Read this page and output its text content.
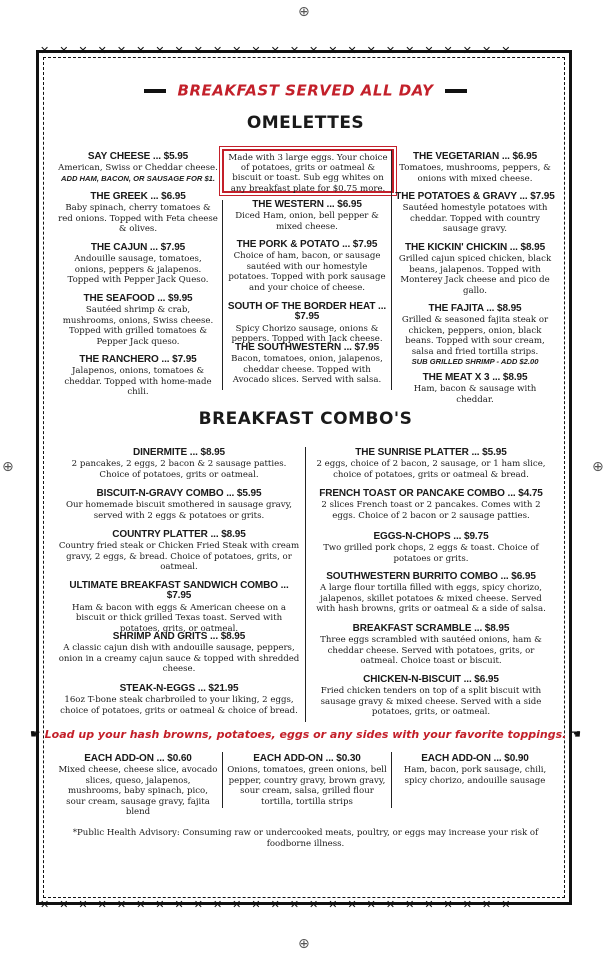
⊕
⊕
⊕	⊕
✕✕✕✕✕✕✕✕✕✕✕✕✕✕✕✕✕✕✕✕✕✕✕✕✕
✕✕✕✕✕✕✕✕✕✕✕✕✕✕✕✕✕✕✕✕✕✕✕✕✕
BREAKFAST SERVED ALL DAY
OMELETTES
Made with 3 large eggs. Your choice of potatoes, grits or oatmeal & biscuit or toast. Sub egg whites on any breakfast plate for $0.75 more.
SAY CHEESE ... $5.95
American, Swiss or Cheddar cheese.
ADD HAM, BACON, OR SAUSAGE FOR $1.
THE GREEK ... $6.95
Baby spinach, cherry tomatoes & red onions. Topped with Feta cheese & olives.
THE CAJUN ... $7.95
Andouille sausage, tomatoes, onions, peppers & jalapenos. Topped with Pepper Jack Queso.
THE SEAFOOD ... $9.95
Sautéed shrimp & crab, mushrooms, onions, Swiss cheese. Topped with grilled tomatoes & Pepper Jack queso.
THE RANCHERO ... $7.95
Jalapenos, onions, tomatoes & cheddar. Topped with home-made chili.
THE WESTERN ... $6.95
Diced Ham, onion, bell pepper & mixed cheese.
THE PORK & POTATO ... $7.95
Choice of ham, bacon, or sausage sautéed with our homestyle potatoes. Topped with pork sausage and your choice of cheese.
SOUTH OF THE BORDER HEAT ... $7.95
Spicy Chorizo sausage, onions & peppers. Topped with Jack cheese.
THE SOUTHWESTERN ... $7.95
Bacon, tomatoes, onion, jalapenos, cheddar cheese. Topped with Avocado slices. Served with salsa.
THE VEGETARIAN ... $6.95
Tomatoes, mushrooms, peppers, & onions with mixed cheese.
THE POTATOES & GRAVY ... $7.95
Sautéed homestyle potatoes with cheddar. Topped with country sausage gravy.
THE KICKIN' CHICKIN ... $8.95
Grilled cajun spiced chicken, black beans, jalapenos. Topped with Monterey Jack cheese and pico de gallo.
THE FAJITA ... $8.95
Grilled & seasoned fajita steak or chicken, peppers, onion, black beans. Topped with sour cream, salsa and fried tortilla strips.
SUB GRILLED SHRIMP - ADD $2.00
THE MEAT X 3 ... $8.95
Ham, bacon & sausage with cheddar.
BREAKFAST COMBO'S
DINERMITE ... $8.95
2 pancakes, 2 eggs, 2 bacon & 2 sausage patties. Choice of potatoes, grits or oatmeal.
BISCUIT-N-GRAVY COMBO ... $5.95
Our homemade biscuit smothered in sausage gravy, served with 2 eggs & potatoes or grits.
COUNTRY PLATTER ... $8.95
Country fried steak or Chicken Fried Steak with cream gravy, 2 eggs, & bread. Choice of potatoes, grits, or oatmeal.
ULTIMATE BREAKFAST SANDWICH COMBO ... $7.95
Ham & bacon with eggs & American cheese on a biscuit or thick grilled Texas toast. Served with potatoes, grits, or oatmeal.
SHRIMP AND GRITS ... $8.95
A classic cajun dish with andouille sausage, peppers, onion in a creamy cajun sauce & topped with shredded cheese.
STEAK-N-EGGS ... $21.95
16oz T-bone steak charbroiled to your liking, 2 eggs, choice of potatoes, grits or oatmeal & choice of bread.
THE SUNRISE PLATTER ... $5.95
2 eggs, choice of 2 bacon, 2 sausage, or 1 ham slice, choice of potatoes, grits or oatmeal & bread.
FRENCH TOAST OR PANCAKE COMBO ... $4.75
2 slices French toast or 2 pancakes. Comes with 2 eggs. Choice of 2 bacon or 2 sausage patties.
EGGS-N-CHOPS ... $9.75
Two grilled pork chops, 2 eggs & toast. Choice of potatoes or grits.
SOUTHWESTERN BURRITO COMBO ... $6.95
A large flour tortilla filled with eggs, spicy chorizo, jalapenos, skillet potatoes & mixed cheese. Served with hash browns, grits or oatmeal & a side of salsa.
BREAKFAST SCRAMBLE ... $8.95
Three eggs scrambled with sautéed onions, ham & cheddar cheese. Served with potatoes, grits, or oatmeal. Choice toast or biscuit.
CHICKEN-N-BISCUIT ... $6.95
Fried chicken tenders on top of a split biscuit with sausage gravy & mixed cheese. Served with a side potatoes, grits, or oatmeal.
☛ Load up your hash browns, potatoes, eggs or any sides with your favorite toppings. ☚
EACH ADD-ON ... $0.60
Mixed cheese, cheese slice, avocado slices, queso, jalapenos, mushrooms, baby spinach, pico, sour cream, sausage gravy, fajita blend
EACH ADD-ON ... $0.30
Onions, tomatoes, green onions, bell pepper, country gravy, brown gravy, sour cream, salsa, grilled flour tortilla, tortilla strips
EACH ADD-ON ... $0.90
Ham, bacon, pork sausage, chili, spicy chorizo, andouille sausage
*Public Health Advisory: Consuming raw or undercooked meats, poultry, or eggs may increase your risk of foodborne illness.
